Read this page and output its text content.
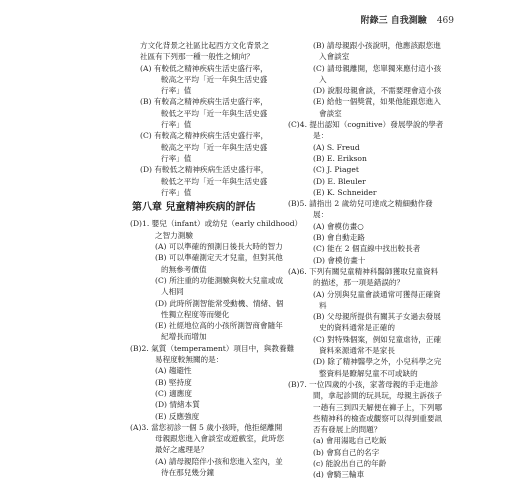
附錄三 自我測驗 469
方文化背景之社區比起西方文化背景之
社區有下列那一種一般性之傾向？
(A) 有較低之精神疾病生活史盛行率，
較高之平均「近一年與生活史盛
行率」值
(B) 有較高之精神疾病生活史盛行率，
較低之平均「近一年與生活史盛
行率」值
(C) 有較高之精神疾病生活史盛行率，
較高之平均「近一年與生活史盛
行率」值
(D) 有較低之精神疾病生活史盛行率，
較低之平均「近一年與生活史盛
行率」值
第八章 兒童精神疾病的評估
(D)1. 嬰兒（infant）或幼兒（early childhood）
之智力測驗
(A) 可以準確的預測日後長大時的智力
(B) 可以準確測定天才兒童，但對其他
的無參考價值
(C) 所注重的功能測驗與較大兒童或成
人相同
(D) 此時所測智能常受動機、情緒、個
性獨立程度等而變化
(E) 社經地位高的小孩所測智商會隨年
紀增長而增加
(B)2. 氣質（temperament）項目中，與教養難
易程度較無關的是：
(A) 趨避性
(B) 堅持度
(C) 適應度
(D) 情緒本質
(E) 反應強度
(A)3. 當您初診一個 5 歲小孩時，他拒絕離開
母親跟您進入會談室或遊戲室，此時您
最好之處理是？
(A) 請母親陪伴小孩和您進入室內，並
待在那兒幾分鐘
(B) 請母親跟小孩說明，他應該跟您進
入會談室
(C) 請母親離開，您單獨來應付這小孩
入
(D) 說服母親會談，不需要理會這小孩
(E) 給他一個獎賞，如果他能跟您進入
會談室
(C)4. 提出認知（cognitive）發展學說的學者
是：
(A) S. Freud
(B) E. Erikson
(C) J. Piaget
(D) E. Bleuler
(E) K. Schneider
(B)5. 請指出 2 歲幼兒可達成之精細動作發
展：
(A) 會模仿畫○
(B) 會自動走路
(C) 能在 2 個直線中找出較長者
(D) 會模仿畫十
(A)6. 下列有關兒童精神科醫師獲取兒童資料
的描述，那一項是錯誤的？
(A) 分別與兒童會談通常可獲得正確資
料
(B) 父母親所提供有關其子女過去發展
史的資料通常是正確的
(C) 對特殊個案，例如兒童虐待，正確
資料來源通常不是家長
(D) 除了精神醫學之外，小兒科學之完
整資料是瞭解兒童不可或缺的
(B)7. 一位四歲的小孩，家著母親的手走進診
間，拿起診間的玩具玩，母親主訴孩子
一趟有三到四天解便在褲子上，下列哪
些精神科的檢查或觀察可以得到重要訊
否有發展上的問題？
(a) 會用湯匙自己吃飯
(b) 會寫自己的名字
(c) 能說出自己的年齡
(d) 會騎三輪車
